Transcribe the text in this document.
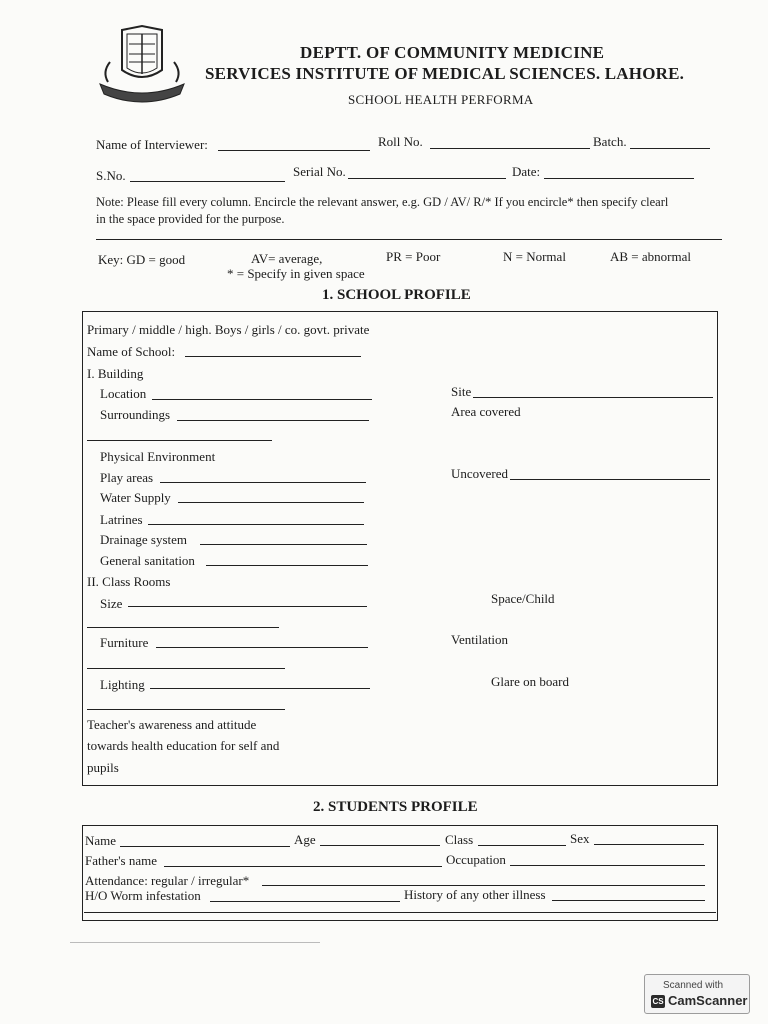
DEPTT. OF COMMUNITY MEDICINE
SERVICES INSTITUTE OF MEDICAL SCIENCES. LAHORE.
SCHOOL HEALTH PERFORMA
Name of Interviewer:	Roll No.	Batch.
S.No.	Serial No.	Date:
Note: Please fill every column. Encircle the relevant answer, e.g. GD / AV/ R/* If you encircle* then specify clearl
in the space provided for the purpose.
Key: GD = good	AV= average,	PR = Poor	N = Normal	AB = abnormal
* = Specify in given space
1. SCHOOL PROFILE
Primary / middle / high. Boys / girls / co. govt. private
Name of School:
I. Building
Location	Site
Surroundings	Area covered
Physical Environment
Play areas	Uncovered
Water Supply
Latrines
Drainage system
General sanitation
II. Class Rooms
Size	Space/Child
Furniture	Ventilation
Lighting	Glare on board
Teacher's awareness and attitude
towards health education for self and
pupils
2. STUDENTS PROFILE
Name	Age	Class	Sex
Father's name	Occupation
Attendance: regular / irregular*
H/O Worm infestation	History of any other illness
Scanned with
CS CamScanner
